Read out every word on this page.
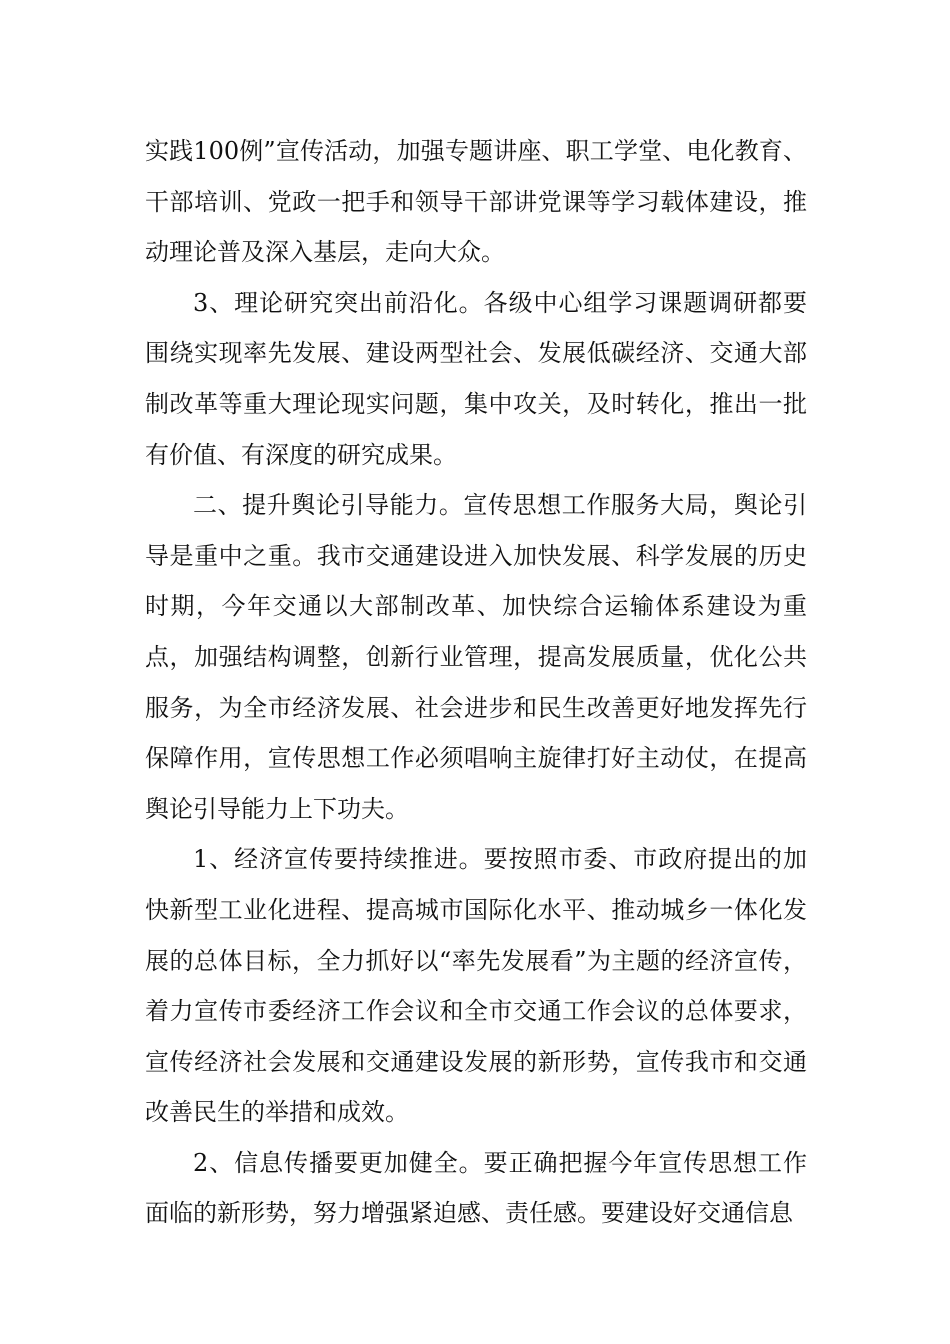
实践100例”宣传活动，加强专题讲座、职工学堂、电化教育、干部培训、党政一把手和领导干部讲党课等学习载体建设，推动理论普及深入基层，走向大众。

3、理论研究突出前沿化。各级中心组学习课题调研都要围绕实现率先发展、建设两型社会、发展低碳经济、交通大部制改革等重大理论现实问题，集中攻关，及时转化，推出一批有价值、有深度的研究成果。

二、提升舆论引导能力。宣传思想工作服务大局，舆论引导是重中之重。我市交通建设进入加快发展、科学发展的历史时期，今年交通以大部制改革、加快综合运输体系建设为重点，加强结构调整，创新行业管理，提高发展质量，优化公共服务，为全市经济发展、社会进步和民生改善更好地发挥先行保障作用，宣传思想工作必须唱响主旋律打好主动仗，在提高舆论引导能力上下功夫。

1、经济宣传要持续推进。要按照市委、市政府提出的加快新型工业化进程、提高城市国际化水平、推动城乡一体化发展的总体目标，全力抓好以“率先发展看”为主题的经济宣传，着力宣传市委经济工作会议和全市交通工作会议的总体要求，宣传经济社会发展和交通建设发展的新形势，宣传我市和交通改善民生的举措和成效。

2、信息传播要更加健全。要正确把握今年宣传思想工作面临的新形势，努力增强紧迫感、责任感。要建设好交通信息
